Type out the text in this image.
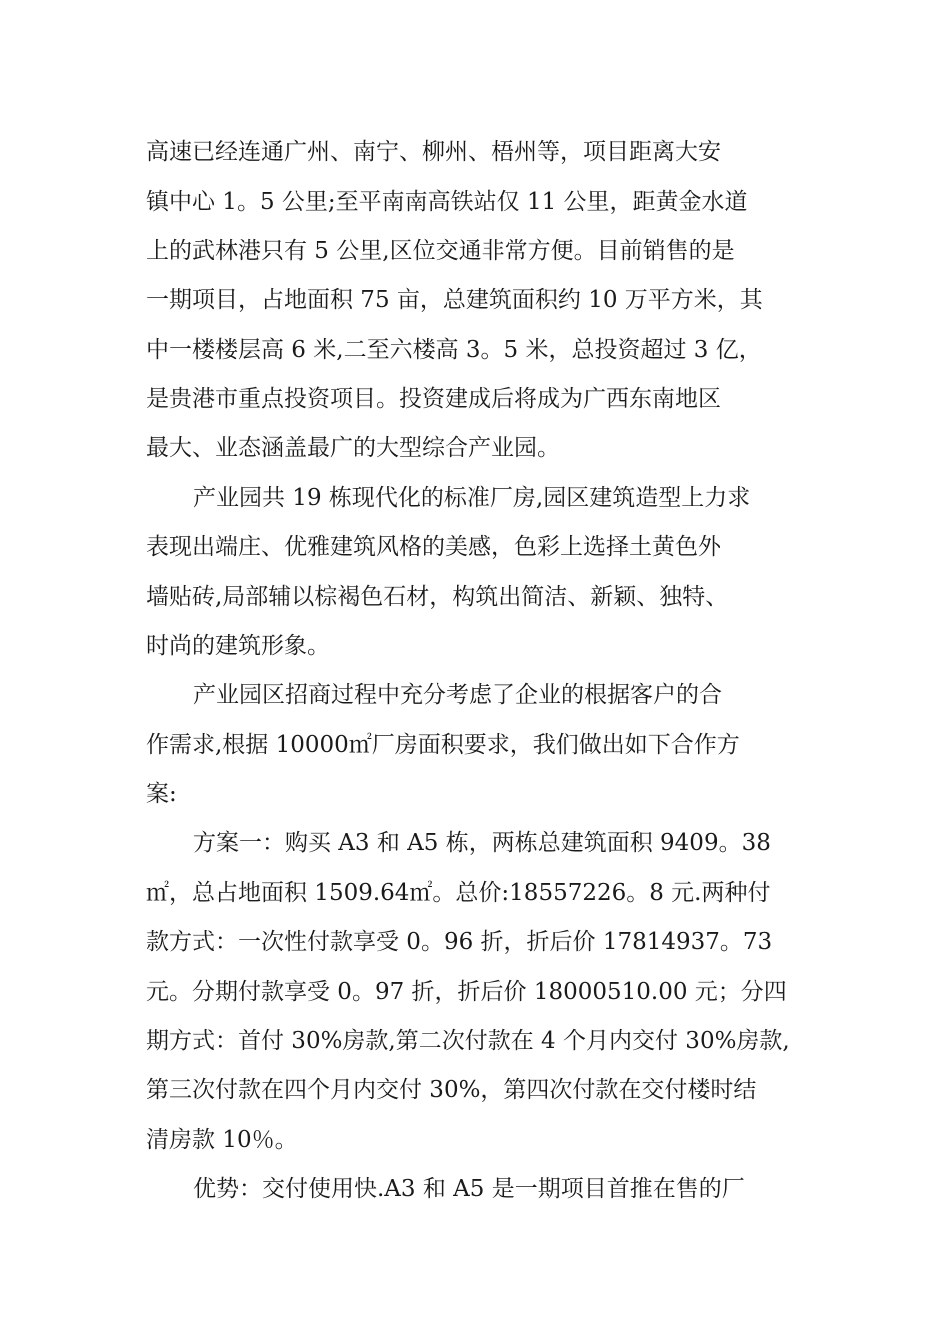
高速已经连通广州、南宁、柳州、梧州等，项目距离大安
镇中心 1。5 公里;至平南南高铁站仅 11 公里，距黄金水道
上的武林港只有 5 公里,区位交通非常方便。目前销售的是
一期项目，占地面积 75 亩，总建筑面积约 10 万平方米，其
中一楼楼层高 6 米,二至六楼高 3。5 米，总投资超过 3 亿，
是贵港市重点投资项目。投资建成后将成为广西东南地区
最大、业态涵盖最广的大型综合产业园。
产业园共 19 栋现代化的标准厂房,园区建筑造型上力求
表现出端庄、优雅建筑风格的美感，色彩上选择土黄色外
墙贴砖,局部辅以棕褐色石材，构筑出简洁、新颖、独特、
时尚的建筑形象。
产业园区招商过程中充分考虑了企业的根据客户的合
作需求,根据 10000㎡厂房面积要求，我们做出如下合作方
案:
方案一：购买 A3 和 A5 栋，两栋总建筑面积 9409。38
㎡，总占地面积 1509.64㎡。总价:18557226。8 元.两种付
款方式：一次性付款享受 0。96 折，折后价 17814937。73
元。分期付款享受 0。97 折，折后价 18000510.00 元；分四
期方式：首付 30%房款,第二次付款在 4 个月内交付 30%房款,
第三次付款在四个月内交付 30%，第四次付款在交付楼时结
清房款 10％。
优势：交付使用快.A3 和 A5 是一期项目首推在售的厂
